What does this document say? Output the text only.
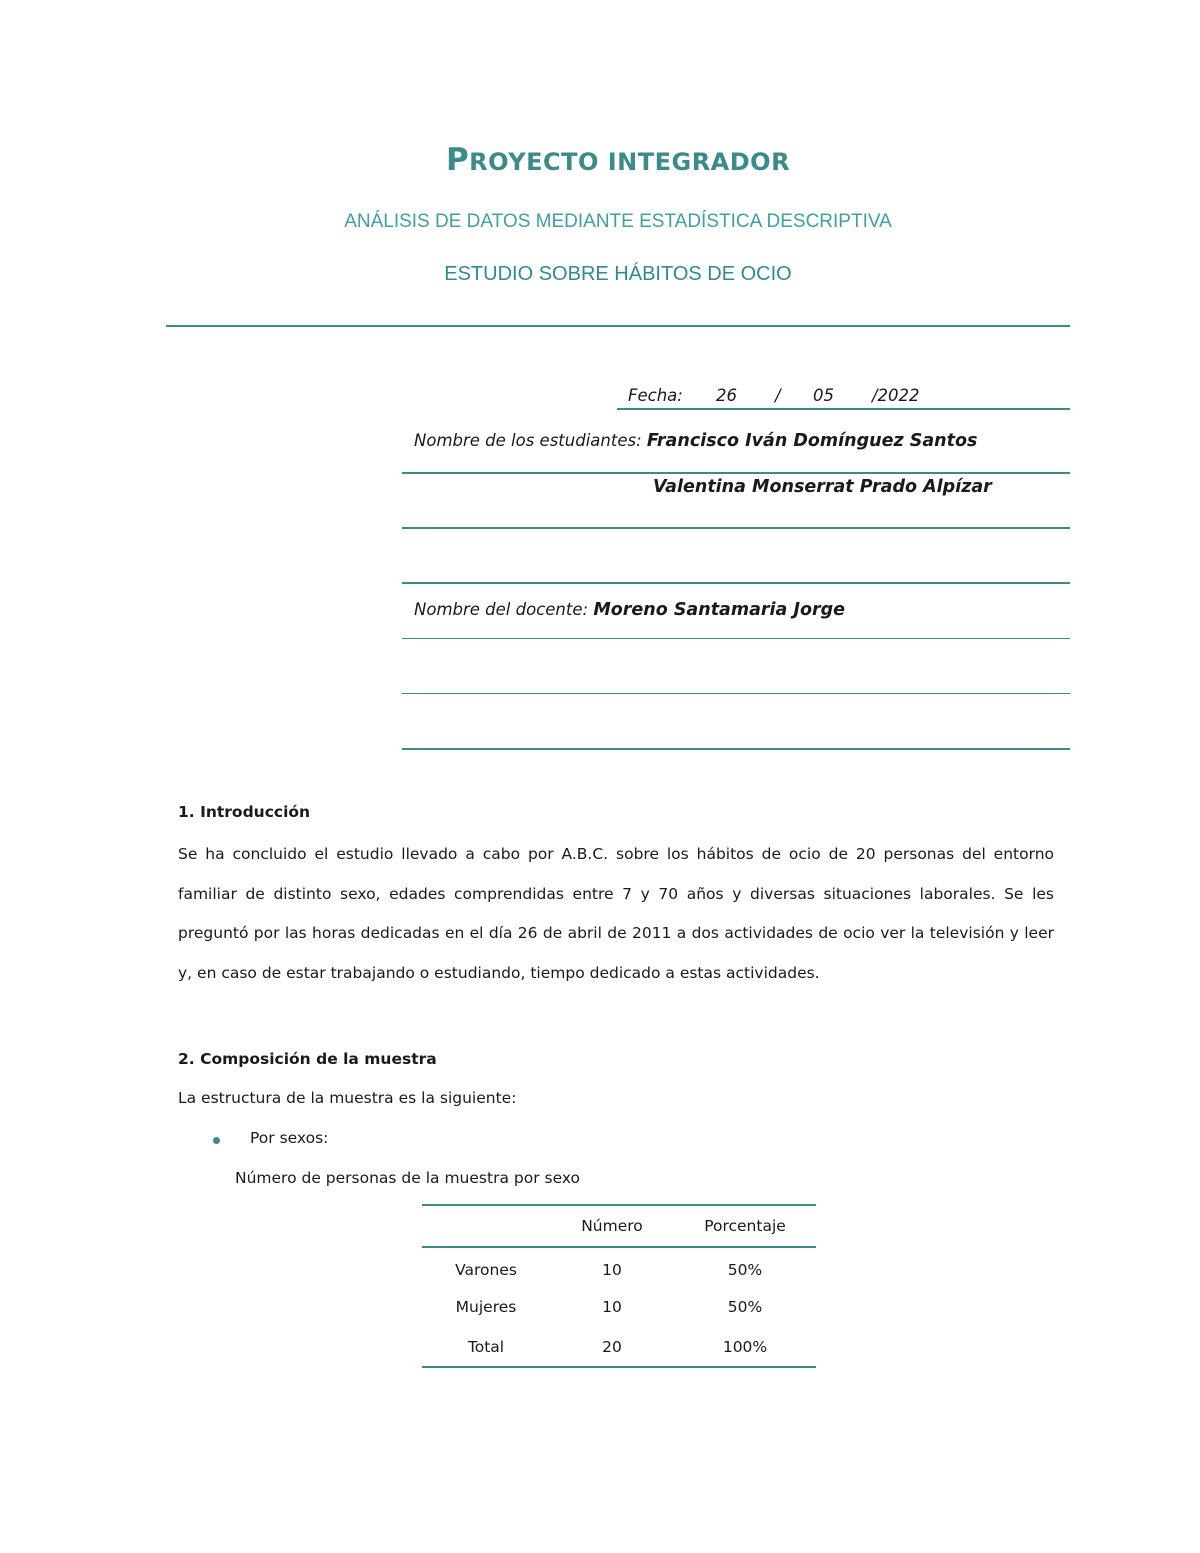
PROYECTO INTEGRADOR
ANÁLISIS DE DATOS MEDIANTE ESTADÍSTICA DESCRIPTIVA
ESTUDIO SOBRE HÁBITOS DE OCIO
Fecha: 26 / 05 /2022
Nombre de los estudiantes: Francisco Iván Domínguez Santos
Valentina Monserrat Prado Alpízar
Nombre del docente: Moreno Santamaria Jorge
1. Introducción
Se ha concluido el estudio llevado a cabo por A.B.C. sobre los hábitos de ocio de 20 personas del entorno familiar de distinto sexo, edades comprendidas entre 7 y 70 años y diversas situaciones laborales. Se les preguntó por las horas dedicadas en el día 26 de abril de 2011 a dos actividades de ocio ver la televisión y leer y, en caso de estar trabajando o estudiando, tiempo dedicado a estas actividades.
2. Composición de la muestra
La estructura de la muestra es la siguiente:
Por sexos:
Número de personas de la muestra por sexo
	Número	Porcentaje
Varones	10	50%
Mujeres	10	50%
Total	20	100%
